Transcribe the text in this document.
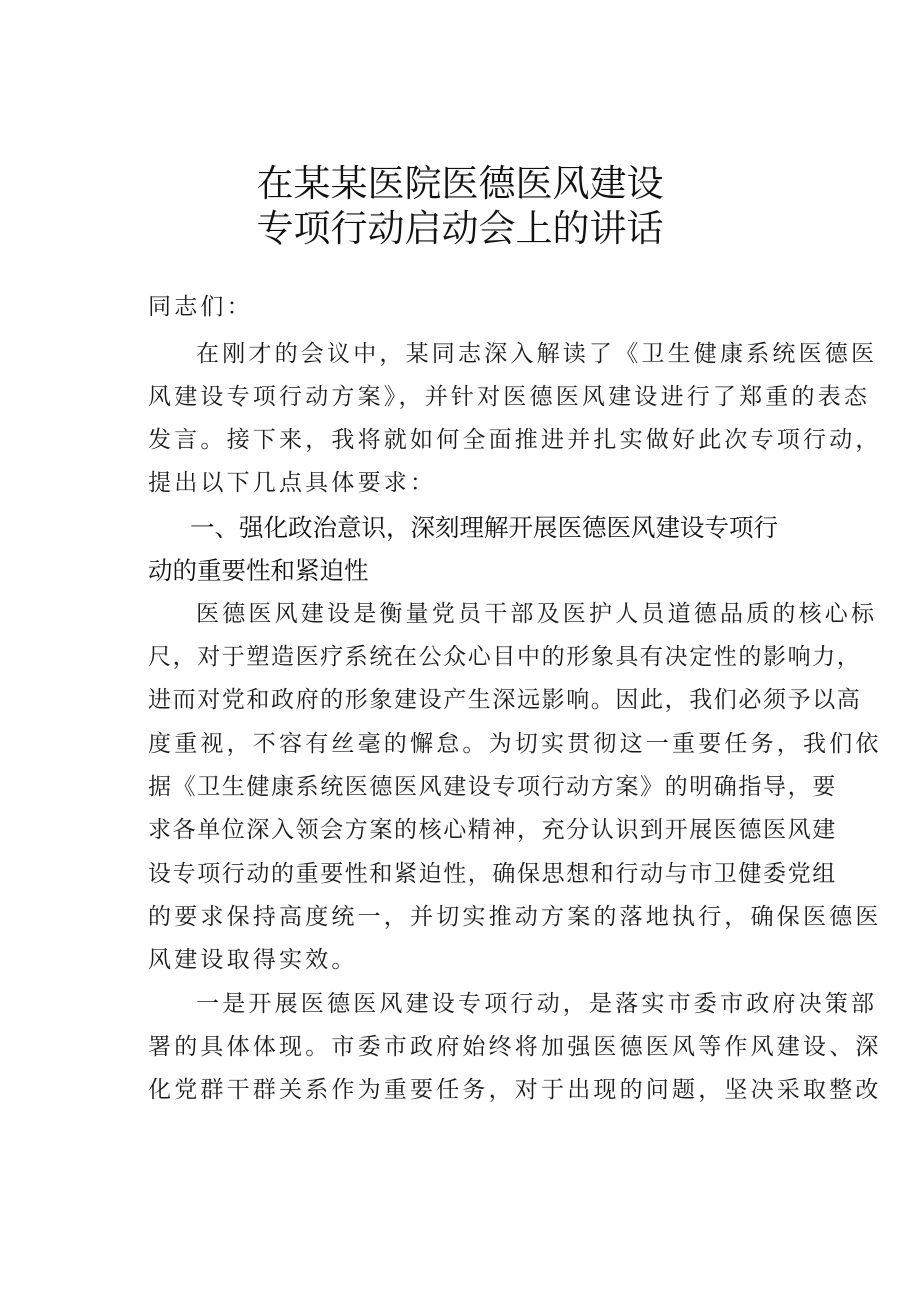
在某某医院医德医风建设
专项行动启动会上的讲话
同志们：
在刚才的会议中，某同志深入解读了《卫生健康系统医德医
风建设专项行动方案》，并针对医德医风建设进行了郑重的表态
发言。接下来，我将就如何全面推进并扎实做好此次专项行动，
提出以下几点具体要求：
一、强化政治意识，深刻理解开展医德医风建设专项行
动的重要性和紧迫性
医德医风建设是衡量党员干部及医护人员道德品质的核心标
尺，对于塑造医疗系统在公众心目中的形象具有决定性的影响力，
进而对党和政府的形象建设产生深远影响。因此，我们必须予以高
度重视，不容有丝毫的懈怠。为切实贯彻这一重要任务，我们依
据《卫生健康系统医德医风建设专项行动方案》的明确指导，要
求各单位深入领会方案的核心精神，充分认识到开展医德医风建
设专项行动的重要性和紧迫性，确保思想和行动与市卫健委党组
的要求保持高度统一，并切实推动方案的落地执行，确保医德医
风建设取得实效。
一是开展医德医风建设专项行动，是落实市委市政府决策部
署的具体体现。市委市政府始终将加强医德医风等作风建设、深
化党群干群关系作为重要任务，对于出现的问题，坚决采取整改
